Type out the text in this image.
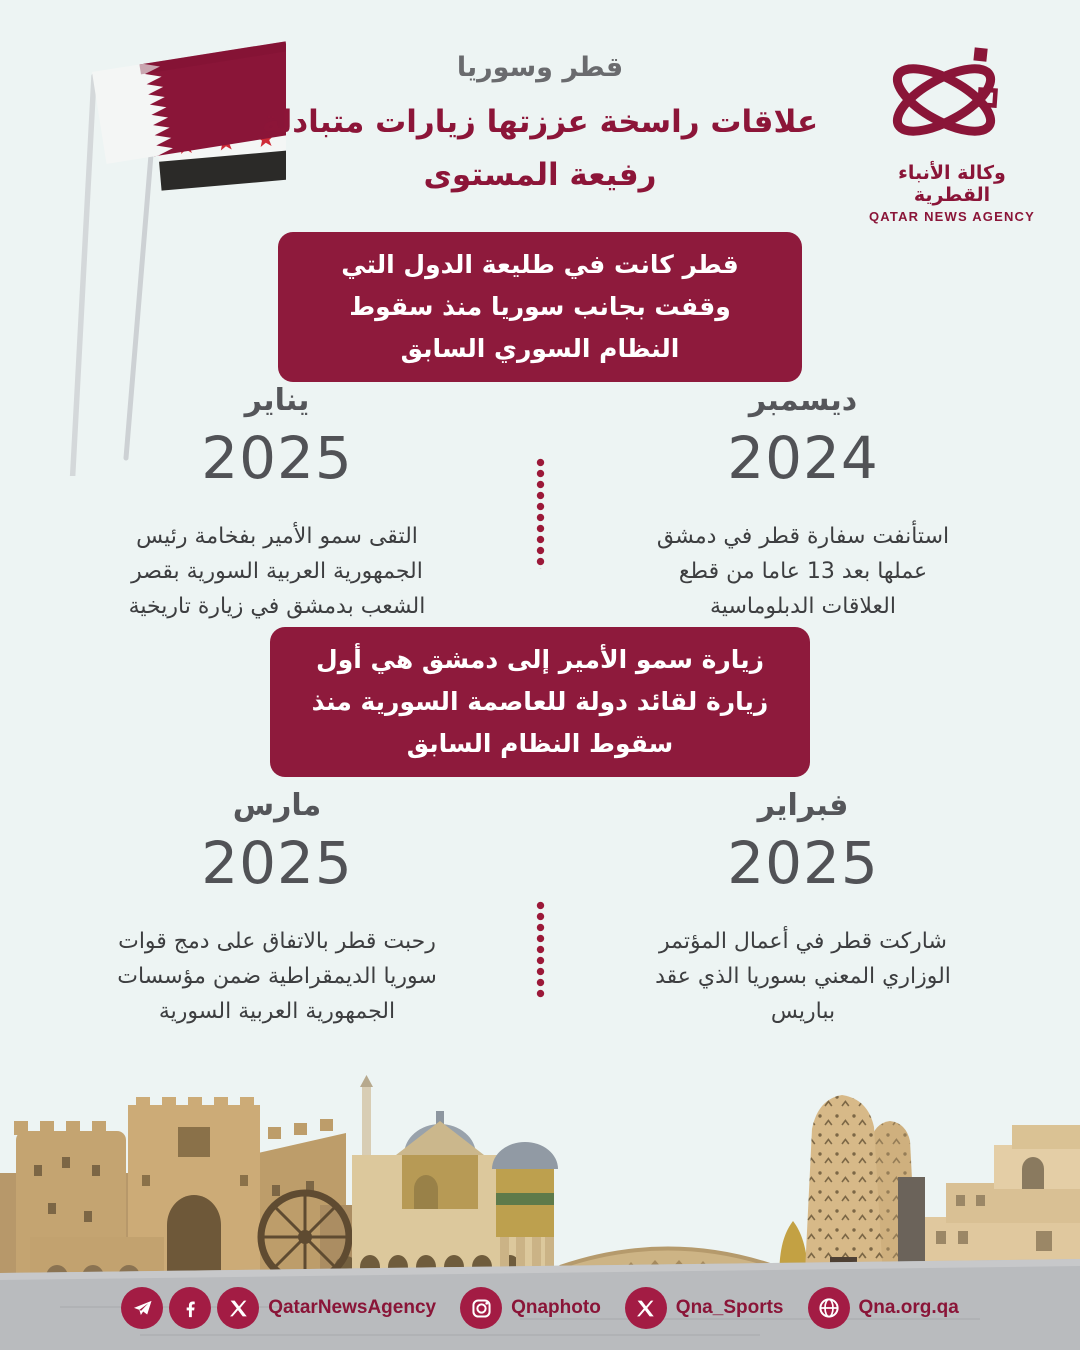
وكالة الأنباء القطرية
QATAR NEWS AGENCY
قطر وسوريا
علاقات راسخة عززتها زيارات متبادلة
رفيعة المستوى
قطر كانت في طليعة الدول التي وقفت بجانب سوريا منذ سقوط النظام السوري السابق
ديسمبر
2024
استأنفت سفارة قطر في دمشق عملها بعد 13 عاما من قطع العلاقات الدبلوماسية
يناير
2025
التقى سمو الأمير بفخامة رئيس الجمهورية العربية السورية بقصر الشعب بدمشق في زيارة تاريخية
زيارة سمو الأمير إلى دمشق هي أول زيارة لقائد دولة للعاصمة السورية منذ سقوط النظام السابق
فبراير
2025
شاركت قطر في أعمال المؤتمر الوزاري المعني بسوريا الذي عقد بباريس
مارس
2025
رحبت قطر بالاتفاق على دمج قوات سوريا الديمقراطية ضمن مؤسسات الجمهورية العربية السورية
QatarNewsAgency	Qnaphoto	Qna_Sports	Qna.org.qa
